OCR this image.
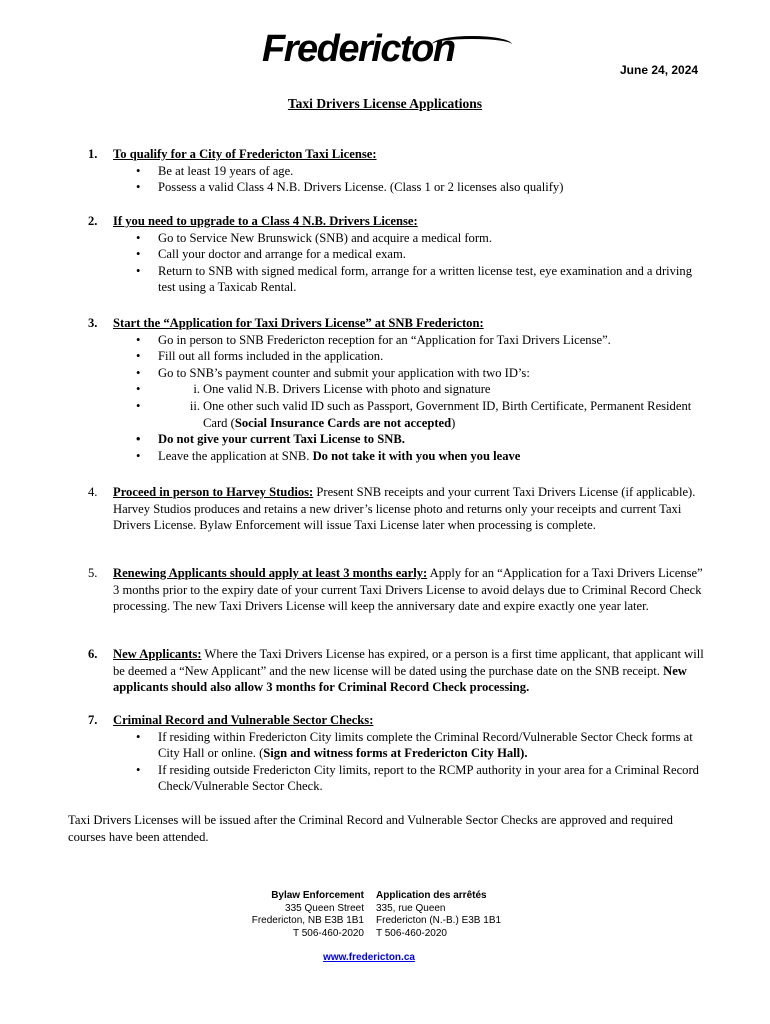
Fredericton	June 24, 2024
Taxi Drivers License Applications
1.	To qualify for a City of Fredericton Taxi License:
• Be at least 19 years of age.
• Possess a valid Class 4 N.B. Drivers License. (Class 1 or 2 licenses also qualify)
2.	If you need to upgrade to a Class 4 N.B. Drivers License:
• Go to Service New Brunswick (SNB) and acquire a medical form.
• Call your doctor and arrange for a medical exam.
• Return to SNB with signed medical form, arrange for a written license test, eye examination and a driving test using a Taxicab Rental.
3.	Start the “Application for Taxi Drivers License” at SNB Fredericton:
• Go in person to SNB Fredericton reception for an “Application for Taxi Drivers License”.
• Fill out all forms included in the application.
• Go to SNB’s payment counter and submit your application with two ID’s:
• i. One valid N.B. Drivers License with photo and signature
• ii. One other such valid ID such as Passport, Government ID, Birth Certificate, Permanent Resident Card (Social Insurance Cards are not accepted)
• Do not give your current Taxi License to SNB.
• Leave the application at SNB. Do not take it with you when you leave
4.	Proceed in person to Harvey Studios: Present SNB receipts and your current Taxi Drivers License (if applicable). Harvey Studios produces and retains a new driver’s license photo and returns only your receipts and current Taxi Drivers License. Bylaw Enforcement will issue Taxi License later when processing is complete.
5.	Renewing Applicants should apply at least 3 months early: Apply for an “Application for a Taxi Drivers License” 3 months prior to the expiry date of your current Taxi Drivers License to avoid delays due to Criminal Record Check processing. The new Taxi Drivers License will keep the anniversary date and expire exactly one year later.
6.	New Applicants: Where the Taxi Drivers License has expired, or a person is a first time applicant, that applicant will be deemed a “New Applicant” and the new license will be dated using the purchase date on the SNB receipt. New applicants should also allow 3 months for Criminal Record Check processing.
7.	Criminal Record and Vulnerable Sector Checks:
• If residing within Fredericton City limits complete the Criminal Record/Vulnerable Sector Check forms at City Hall or online. (Sign and witness forms at Fredericton City Hall).
• If residing outside Fredericton City limits, report to the RCMP authority in your area for a Criminal Record Check/Vulnerable Sector Check.
Taxi Drivers Licenses will be issued after the Criminal Record and Vulnerable Sector Checks are approved and required courses have been attended.
Bylaw Enforcement
335 Queen Street
Fredericton, NB E3B 1B1
T 506-460-2020
Application des arrêtés
335, rue Queen
Fredericton (N.-B.) E3B 1B1
T 506-460-2020
www.fredericton.ca
